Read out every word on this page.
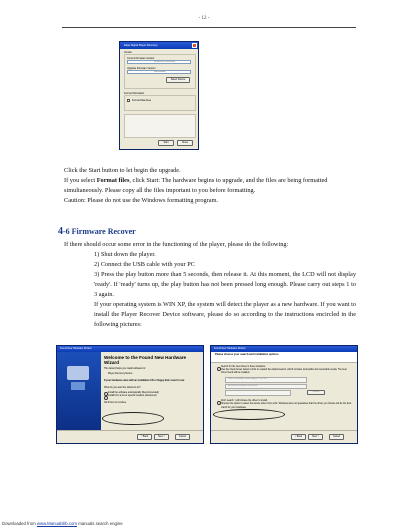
- 12 -
Edge Digital Player Recovery
Version
Current Firmware Version
Information Unavailable
Upgrade Firmware Version
Not Available
Select Device
Format Information
Format Data Area
Start	Close
Click the Start button to let begin the upgrade.
If you select Format files, click Start: The hardware begins to upgrade, and the files are being formatted simultaneously. Please copy all the files important to you before formatting.
Caution: Please do not use the Windows formatting program.
4-6 Firmware Recover
If there should occur some error in the functioning of the player, please do the following:
1) Shut down the player.
2) Connect the USB cable with your PC
3) Press the play button more than 5 seconds, then release it. At this moment, the LCD will not display 'ready'. If 'ready' turns up, the play button has not been pressed long enough. Please carry out steps 1 to 3 again.
If your operating system is WIN XP, the system will detect the player as a new hardware. If you want to install the Player Recover Device software, please do so according to the instructions encircled in the following pictures:
Found New Hardware Wizard
Welcome to the Found New Hardware Wizard
This wizard helps you install software for:
Player Recovery Device
If your hardware came with an installation CD or floppy disk, insert it now.
What do you want the wizard to do?
Install the software automatically (Recommended)
Install from a list or specific location (Advanced)
Click Next to continue.
< Back	Next >	Cancel
Found New Hardware Wizard
Please choose your search and installation options.
Search for the best driver in these locations.
Use the check boxes below to limit or expand the default search, which includes local paths and removable media. The best driver found will be installed.
Search removable media (floppy, CD-ROM...)
Include this location in the search:
Browse
Don't search. I will choose the driver to install.
Choose this option to select the device driver from a list. Windows does not guarantee that the driver you choose will be the best match for your hardware.
< Back	Next >	Cancel
Downloaded from www.Manualslib.com manuals search engine
